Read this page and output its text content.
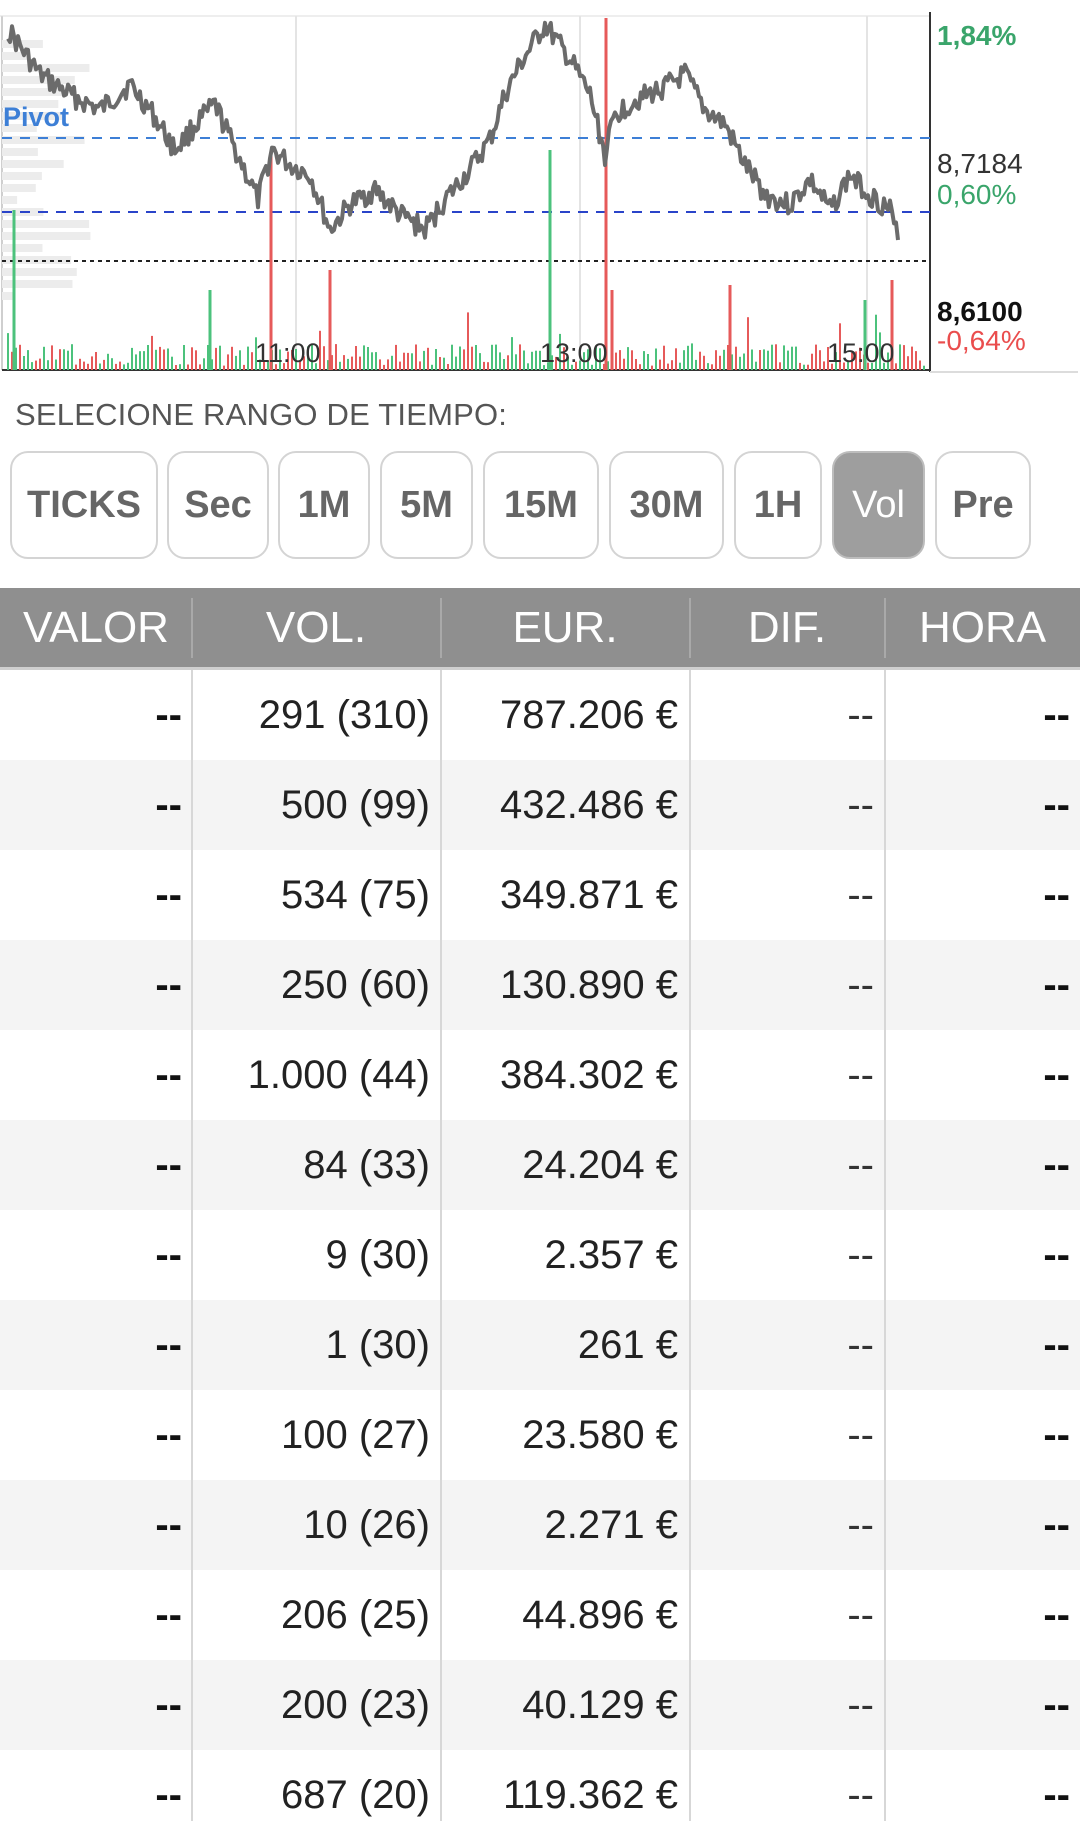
Pivot
11:00	13:00	15:00
1,84%
8,7184
0,60%
8,6100
-0,64%
SELECIONE RANGO DE TIEMPO:
TICKS	Sec	1M	5M	15M	30M	1H	Vol	Pre
VALOR	VOL.	EUR.	DIF.	HORA
--	291 (310)	787.206 €	--	--
--	500 (99)	432.486 €	--	--
--	534 (75)	349.871 €	--	--
--	250 (60)	130.890 €	--	--
--	1.000 (44)	384.302 €	--	--
--	84 (33)	24.204 €	--	--
--	9 (30)	2.357 €	--	--
--	1 (30)	261 €	--	--
--	100 (27)	23.580 €	--	--
--	10 (26)	2.271 €	--	--
--	206 (25)	44.896 €	--	--
--	200 (23)	40.129 €	--	--
--	687 (20)	119.362 €	--	--
